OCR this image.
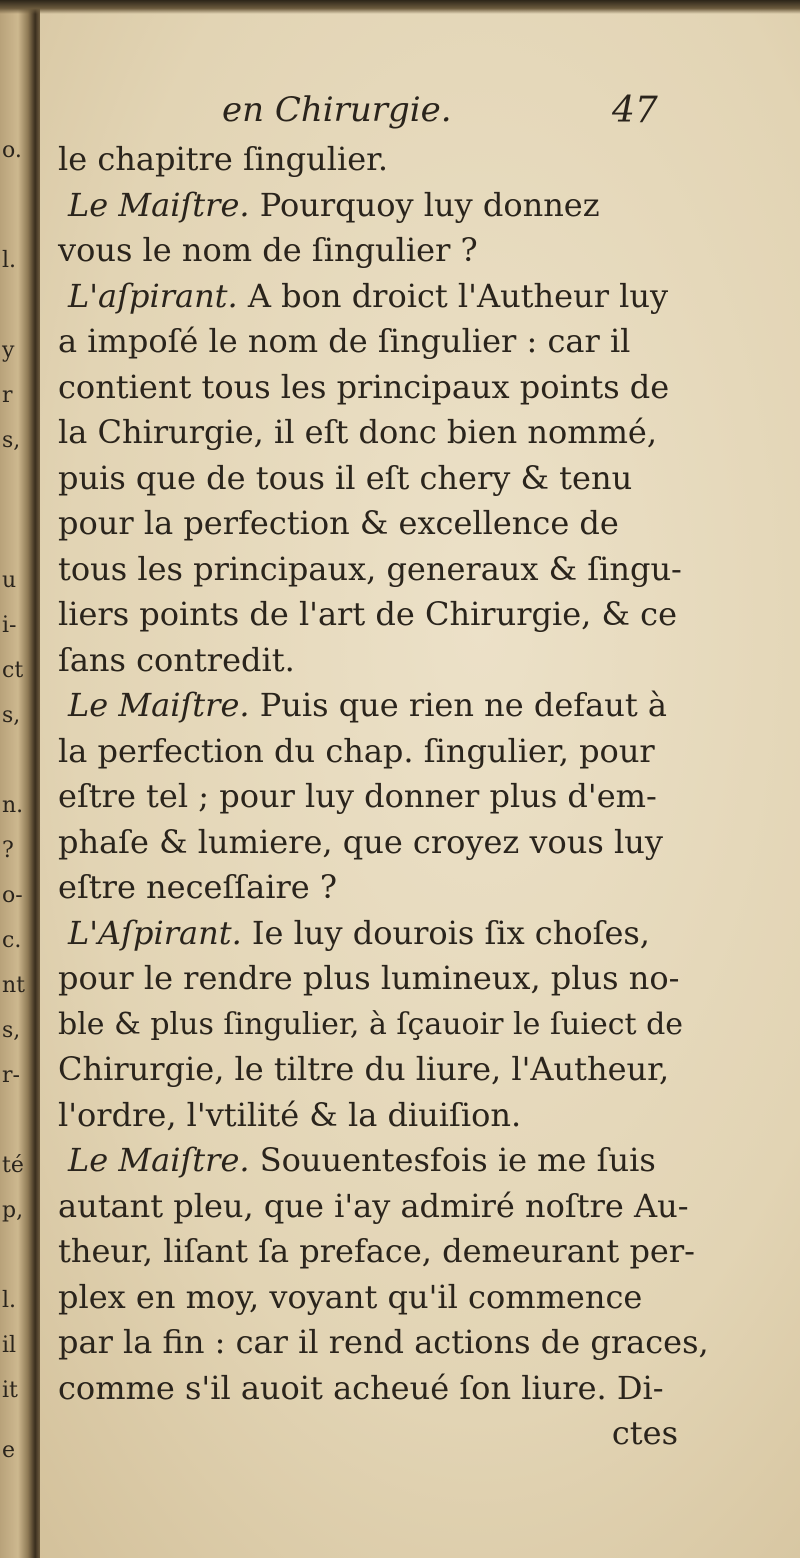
o.
l.
y
r
s,
u
i-
ct
s,
n.
?
o-
c.
nt
s,
r-
té
p,
l.
il
it
e
en Chirurgie.	47
le chapitre ſingulier.
Le Maiſtre. Pourquoy luy donnez
vous le nom de ſingulier ?
L'aſpirant. A bon droict l'Autheur luy
a impoſé le nom de ſingulier : car il
contient tous les principaux points de
la Chirurgie, il eſt donc bien nommé,
puis que de tous il eſt chery & tenu
pour la perfection & excellence de
tous les principaux, generaux & ſingu-
liers points de l'art de Chirurgie, & ce
ſans contredit.
Le Maiſtre. Puis que rien ne defaut à
la perfection du chap. ſingulier, pour
eſtre tel ; pour luy donner plus d'em-
phaſe & lumiere, que croyez vous luy
eſtre neceſſaire ?
L'Aſpirant. Ie luy dourois ſix choſes,
pour le rendre plus lumineux, plus no-
ble & plus ſingulier, à ſçauoir le ſuiect de
Chirurgie, le tiltre du liure, l'Autheur,
l'ordre, l'vtilité & la diuiſion.
Le Maiſtre. Souuentesfois ie me ſuis
autant pleu, que i'ay admiré noſtre Au-
theur, liſant ſa preface, demeurant per-
plex en moy, voyant qu'il commence
par la fin : car il rend actions de graces,
comme s'il auoit acheué ſon liure. Di-
ctes
